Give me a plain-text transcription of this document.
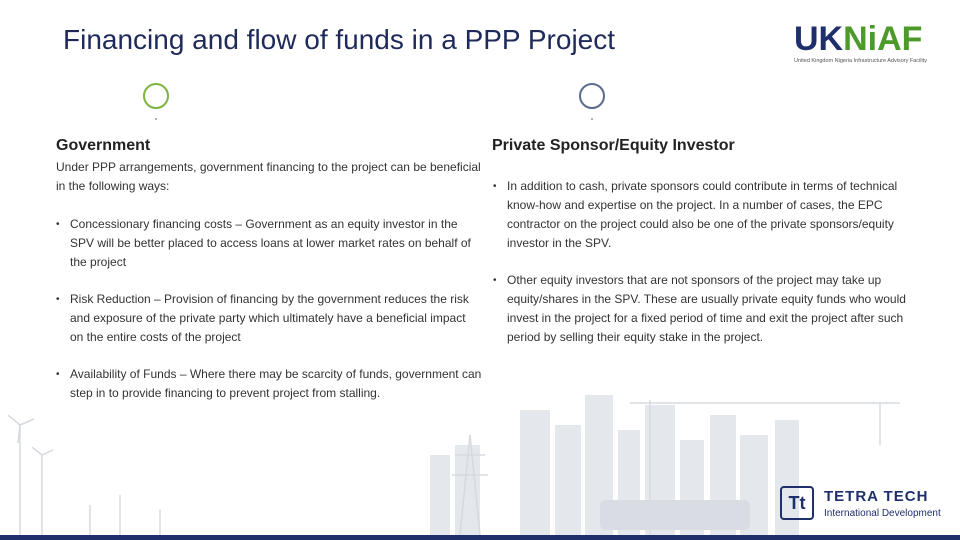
Financing and flow of funds in a PPP Project	UKNiAF
United Kingdom Nigeria Infrastructure Advisory Facility
Government	Private Sponsor/Equity Investor
Under PPP arrangements, government financing to the project can be beneficial in the following ways:
• Concessionary financing costs – Government as an equity investor in the SPV will be better placed to access loans at lower market rates on behalf of the project
• Risk Reduction – Provision of financing by the government reduces the risk and exposure of the private party which ultimately have a beneficial impact on the entire costs of the project
• Availability of Funds – Where there may be scarcity of funds, government can step in to provide financing to prevent project from stalling.
• In addition to cash, private sponsors could contribute in terms of technical know-how and expertise on the project. In a number of cases, the EPC contractor on the project could also be one of the private sponsors/equity investor in the SPV.
• Other equity investors that are not sponsors of the project may take up equity/shares in the SPV. These are usually private equity funds who would invest in the project for a fixed period of time and exit the project after such period by selling their equity stake in the project.
Tt	TETRA TECH
International Development
